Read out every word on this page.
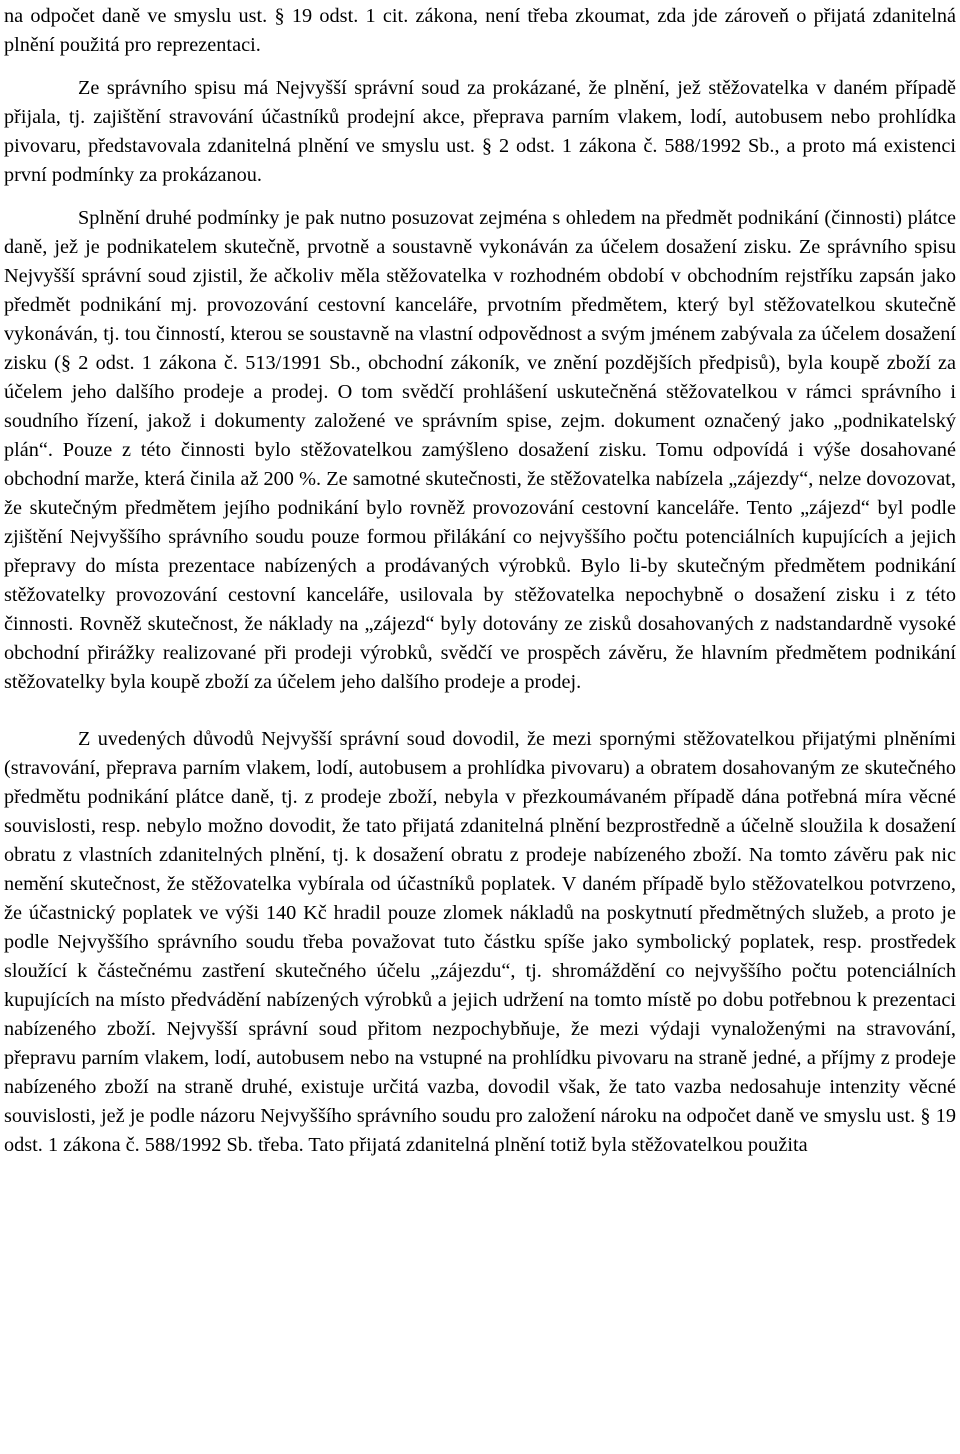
na odpočet daně ve smyslu ust. § 19 odst. 1 cit. zákona, není třeba zkoumat, zda jde zároveň o přijatá zdanitelná plnění použitá pro reprezentaci.

Ze správního spisu má Nejvyšší správní soud za prokázané, že plnění, jež stěžovatelka v daném případě přijala, tj. zajištění stravování účastníků prodejní akce, přeprava parním vlakem, lodí, autobusem nebo prohlídka pivovaru, představovala zdanitelná plnění ve smyslu ust. § 2 odst. 1 zákona č. 588/1992 Sb., a proto má existenci první podmínky za prokázanou.

Splnění druhé podmínky je pak nutno posuzovat zejména s ohledem na předmět podnikání (činnosti) plátce daně, jež je podnikatelem skutečně, prvotně a soustavně vykonáván za účelem dosažení zisku. Ze správního spisu Nejvyšší správní soud zjistil, že ačkoliv měla stěžovatelka v rozhodném období v obchodním rejstříku zapsán jako předmět podnikání mj. provozování cestovní kanceláře, prvotním předmětem, který byl stěžovatelkou skutečně vykonáván, tj. tou činností, kterou se soustavně na vlastní odpovědnost a svým jménem zabývala za účelem dosažení zisku (§ 2 odst. 1 zákona č. 513/1991 Sb., obchodní zákoník, ve znění pozdějších předpisů), byla koupě zboží za účelem jeho dalšího prodeje a prodej. O tom svědčí prohlášení uskutečněná stěžovatelkou v rámci správního i soudního řízení, jakož i dokumenty založené ve správním spise, zejm. dokument označený jako „podnikatelský plán“. Pouze z této činnosti bylo stěžovatelkou zamýšleno dosažení zisku. Tomu odpovídá i výše dosahované obchodní marže, která činila až 200 %. Ze samotné skutečnosti, že stěžovatelka nabízela „zájezdy“, nelze dovozovat, že skutečným předmětem jejího podnikání bylo rovněž provozování cestovní kanceláře. Tento „zájezd“ byl podle zjištění Nejvyššího správního soudu pouze formou přilákání co nejvyššího počtu potenciálních kupujících a jejich přepravy do místa prezentace nabízených a prodávaných výrobků. Bylo li-by skutečným předmětem podnikání stěžovatelky provozování cestovní kanceláře, usilovala by stěžovatelka nepochybně o dosažení zisku i z této činnosti. Rovněž skutečnost, že náklady na „zájezd“ byly dotovány ze zisků dosahovaných z nadstandardně vysoké obchodní přirážky realizované při prodeji výrobků, svědčí ve prospěch závěru, že hlavním předmětem podnikání stěžovatelky byla koupě zboží za účelem jeho dalšího prodeje a prodej.

Z uvedených důvodů Nejvyšší správní soud dovodil, že mezi spornými stěžovatelkou přijatými plněními (stravování, přeprava parním vlakem, lodí, autobusem a prohlídka pivovaru) a obratem dosahovaným ze skutečného předmětu podnikání plátce daně, tj. z prodeje zboží, nebyla v přezkoumávaném případě dána potřebná míra věcné souvislosti, resp. nebylo možno dovodit, že tato přijatá zdanitelná plnění bezprostředně a účelně sloužila k dosažení obratu z vlastních zdanitelných plnění, tj. k dosažení obratu z prodeje nabízeného zboží. Na tomto závěru pak nic nemění skutečnost, že stěžovatelka vybírala od účastníků poplatek. V daném případě bylo stěžovatelkou potvrzeno, že účastnický poplatek ve výši 140 Kč hradil pouze zlomek nákladů na poskytnutí předmětných služeb, a proto je podle Nejvyššího správního soudu třeba považovat tuto částku spíše jako symbolický poplatek, resp. prostředek sloužící k částečnému zastření skutečného účelu „zájezdu“, tj. shromáždění co nejvyššího počtu potenciálních kupujících na místo předvádění nabízených výrobků a jejich udržení na tomto místě po dobu potřebnou k prezentaci nabízeného zboží. Nejvyšší správní soud přitom nezpochybňuje, že mezi výdaji vynaloženými na stravování, přepravu parním vlakem, lodí, autobusem nebo na vstupné na prohlídku pivovaru na straně jedné, a příjmy z prodeje nabízeného zboží na straně druhé, existuje určitá vazba, dovodil však, že tato vazba nedosahuje intenzity věcné souvislosti, jež je podle názoru Nejvyššího správního soudu pro založení nároku na odpočet daně ve smyslu ust. § 19 odst. 1 zákona č. 588/1992 Sb. třeba. Tato přijatá zdanitelná plnění totiž byla stěžovatelkou použita
